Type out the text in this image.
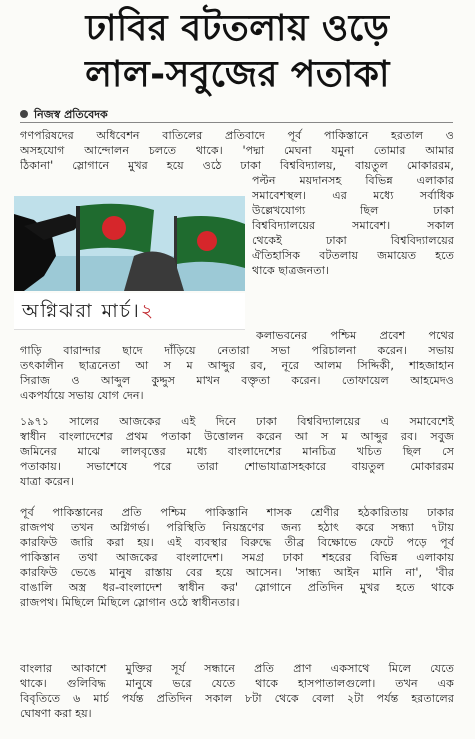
ঢাবির বটতলায় ওড়ে
লাল-সবুজের পতাকা
নিজস্ব প্রতিবেদক
গণপরিষদের অধিবেশন বাতিলের প্রতিবাদে পূর্ব পাকিস্তানে হরতাল ও
অসহযোগ আন্দোলন চলতে থাকে। 'পদ্মা মেঘনা যমুনা তোমার আমার
ঠিকানা' স্লোগানে মুখর হয়ে ওঠে ঢাকা বিশ্ববিদ্যালয়, বায়তুল মোকাররম,
অগ্নিঝরা মার্চ।২
পল্টন ময়দানসহ বিভিন্ন এলাকার
সমাবেশস্থল। এর মধ্যে সর্বাধিক
উল্লেখযোগ্য ছিল ঢাকা
বিশ্ববিদ্যালয়ের সমাবেশ। সকাল
থেকেই ঢাকা বিশ্ববিদ্যালয়ের
ঐতিহাসিক বটতলায় জমায়েত হতে
থাকে ছাত্রজনতা।
কলাভবনের পশ্চিম প্রবেশ পথের
গাড়ি বারান্দার ছাদে দাঁড়িয়ে নেতারা সভা পরিচালনা করেন। সভায়
তৎকালীন ছাত্রনেতা আ স ম আব্দুর রব, নূরে আলম সিদ্দিকী, শাহজাহান
সিরাজ ও আব্দুল কুদ্দুস মাখন বক্তৃতা করেন। তোফায়েল আহমেদও
একপর্যায়ে সভায় যোগ দেন।
১৯৭১ সালের আজকের এই দিনে ঢাকা বিশ্ববিদ্যালয়ের এ সমাবেশেই
স্বাধীন বাংলাদেশের প্রথম পতাকা উত্তোলন করেন আ স ম আব্দুর রব। সবুজ
জমিনের মাঝে লালবৃত্তের মধ্যে বাংলাদেশের মানচিত্র খচিত ছিল সে
পতাকায়। সভাশেষে পরে তারা শোভাযাত্রাসহকারে বায়তুল মোকাররম
যাত্রা করেন।
পূর্ব পাকিস্তানের প্রতি পশ্চিম পাকিস্তানি শাসক শ্রেণীর হঠকারিতায় ঢাকার
রাজপথ তখন অগ্নিগর্ভ। পরিস্থিতি নিয়ন্ত্রণের জন্য হঠাৎ করে সন্ধ্যা ৭টায়
কারফিউ জারি করা হয়। এই ব্যবস্থার বিরুদ্ধে তীব্র বিক্ষোভে ফেটে পড়ে পূর্ব
পাকিস্তান তথা আজকের বাংলাদেশ। সমগ্র ঢাকা শহরের বিভিন্ন এলাকায়
কারফিউ ভেঙে মানুষ রাস্তায় বের হয়ে আসেন। 'সান্ধ্য আইন মানি না', 'বীর
বাঙালি অস্ত্র ধর-বাংলাদেশ স্বাধীন কর' স্লোগানে প্রতিদিন মুখর হতে থাকে
রাজপথ। মিছিলে মিছিলে স্লোগান ওঠে স্বাধীনতার।
বাংলার আকাশে মুক্তির সূর্য সন্ধানে প্রতি প্রাণ একসাথে মিলে যেতে
থাকে। গুলিবিদ্ধ মানুষে ভরে যেতে থাকে হাসপাতালগুলো। তখন এক
বিবৃতিতে ৬ মার্চ পর্যন্ত প্রতিদিন সকাল ৮টা থেকে বেলা ২টা পর্যন্ত হরতালের
ঘোষণা করা হয়।
